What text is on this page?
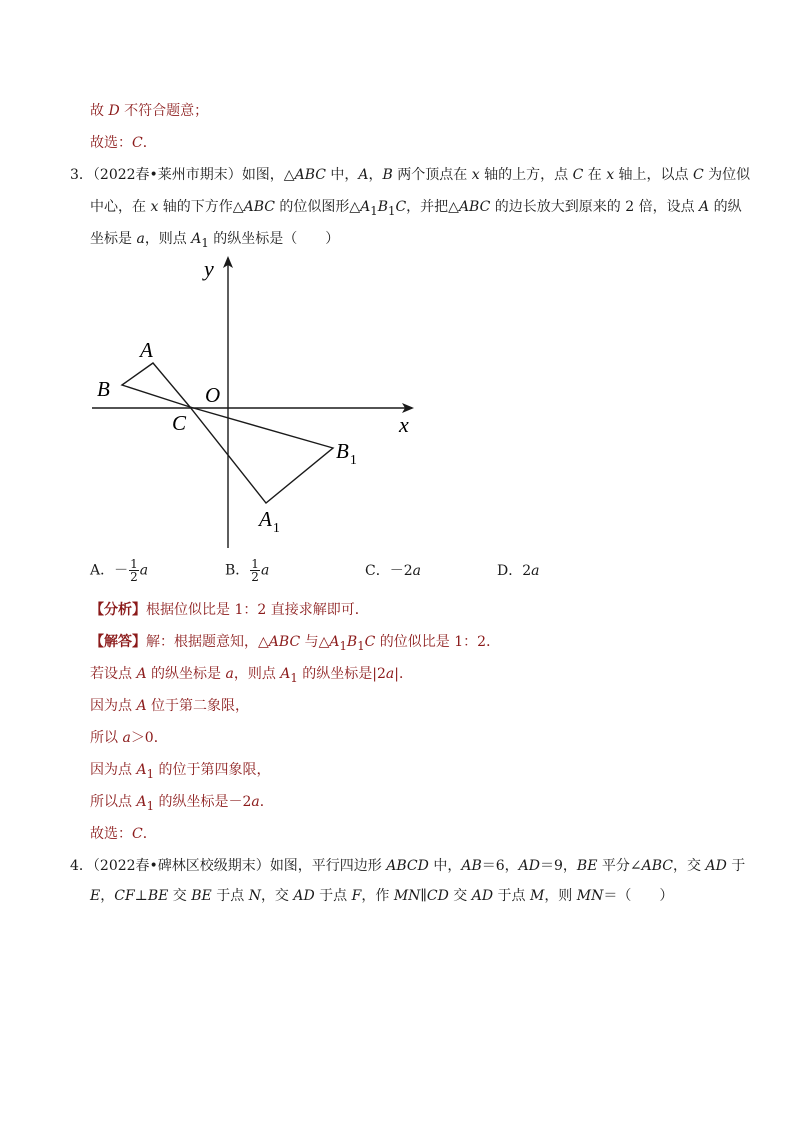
故 D 不符合题意；
故选：C．
3．（2022春•莱州市期末）如图，△ABC 中，A，B 两个顶点在 x 轴的上方，点 C 在 x 轴上，以点 C 为位似
中心，在 x 轴的下方作△ABC 的位似图形$\triangle A_1B_1C$，并把△ABC 的边长放大到原来的 2 倍，设点 A 的纵
坐标是 a，则点 $A_1$ 的纵坐标是（　　）
y
x
O
A
B
C
$B_1$
$A_1$
A．－ $\frac{1}{2}$ a	B． $\frac{1}{2}$ a	C．－2a	D．2a
【分析】根据位似比是 1：2 直接求解即可．
【解答】解：根据题意知，△ABC 与$\triangle A_1B_1C$ 的位似比是 1：2．
若设点 A 的纵坐标是 a，则点 $A_1$ 的纵坐标是|2a|．
因为点 A 位于第二象限，
所以 a＞0．
因为点 $A_1$ 的位于第四象限，
所以点 $A_1$ 的纵坐标是－2a．
故选：C．
4．（2022春•碑林区校级期末）如图，平行四边形 ABCD 中，AB＝6，AD＝9，BE 平分∠ABC，交 AD 于
E，CF⊥BE 交 BE 于点 N，交 AD 于点 F，作 MN∥CD 交 AD 于点 M，则 MN＝（　　）
